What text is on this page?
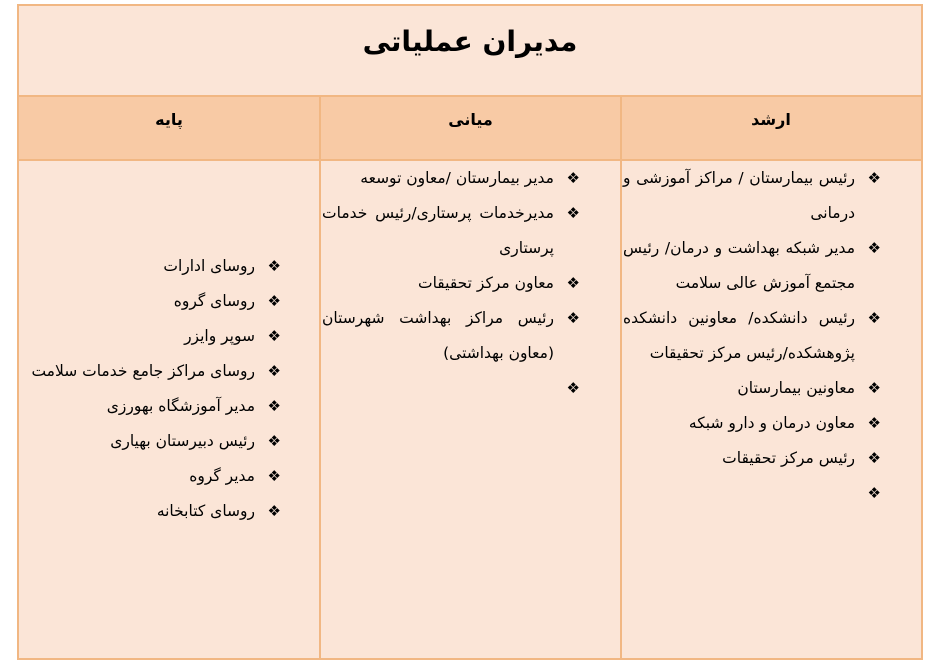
مدیران عملیاتی
ارشد
میانی
پایه
❖
رئیس بیمارستان / مراکز آموزشی و درمانی
❖
مدیر شبکه بهداشت و درمان/ رئیس مجتمع آموزش عالی سلامت
❖
رئیس دانشکده/ معاونین دانشکده پژوهشکده/رئیس مرکز تحقیقات
❖
معاونین بیمارستان
❖
معاون درمان و دارو شبکه
❖
رئیس مرکز تحقیقات
❖
❖
مدیر بیمارستان /معاون توسعه
❖
مدیرخدمات پرستاری/رئیس خدمات پرستاری
❖
معاون مرکز تحقیقات
❖
رئیس مراکز بهداشت شهرستان (معاون بهداشتی)
❖
❖
روسای ادارات
❖
روسای گروه
❖
سوپر وایزر
❖
روسای مراکز جامع خدمات سلامت
❖
مدیر آموزشگاه بهورزی
❖
رئیس دبیرستان بهیاری
❖
مدیر گروه
❖
روسای کتابخانه
